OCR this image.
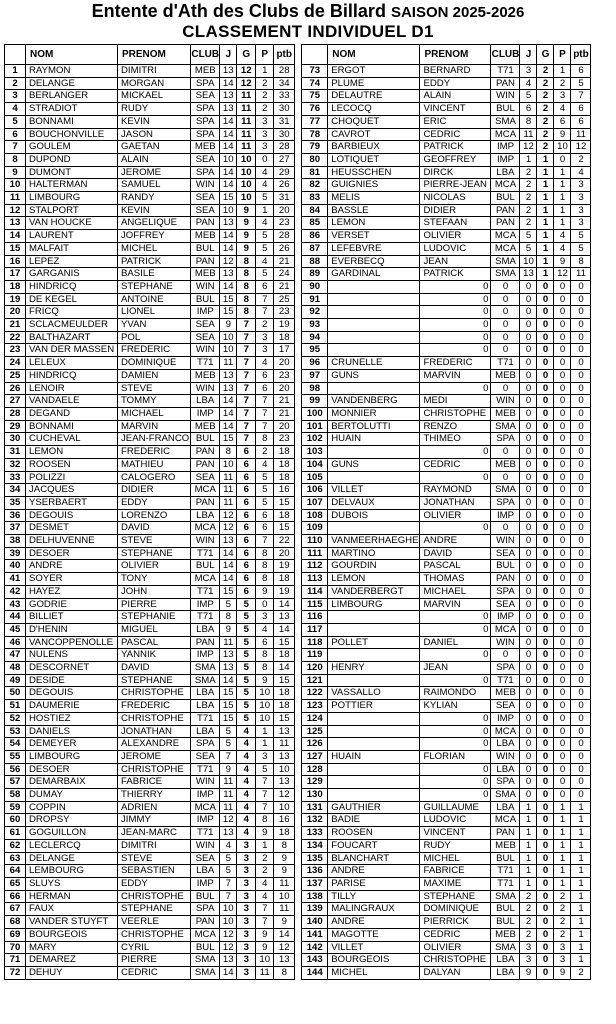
Entente d'Ath des Clubs de Billard SAISON 2025-2026
CLASSEMENT INDIVIDUEL D1
	NOM	PRENOM	CLUB	J	G	P	ptb
1	RAYMON	DIMITRI	MEB	13	12	1	28
2	DELANGE	MORGAN	SPA	14	12	2	34
3	BERLANGER	MICKAEL	SEA	13	11	2	33
4	STRADIOT	RUDY	SPA	13	11	2	30
5	BONNAMI	KEVIN	SPA	14	11	3	31
6	BOUCHONVILLE	JASON	SPA	14	11	3	30
7	GOULEM	GAETAN	MEB	14	11	3	28
8	DUPOND	ALAIN	SEA	10	10	0	27
9	DUMONT	JEROME	SPA	14	10	4	29
10	HALTERMAN	SAMUEL	WIN	14	10	4	26
11	LIMBOURG	RANDY	SEA	15	10	5	31
12	STALPORT	KEVIN	SEA	10	9	1	20
13	VAN HOUCKE	ANGELIQUE	PAN	13	9	4	23
14	LAURENT	JOFFREY	MEB	14	9	5	28
15	MALFAIT	MICHEL	BUL	14	9	5	26
16	LEPEZ	PATRICK	PAN	12	8	4	21
17	GARGANIS	BASILE	MEB	13	8	5	24
18	HINDRICQ	STEPHANE	WIN	14	8	6	21
19	DE KEGEL	ANTOINE	BUL	15	8	7	25
20	FRICQ	LIONEL	IMP	15	8	7	23
21	SCLACMEULDER	YVAN	SEA	9	7	2	19
22	BALTHAZART	POL	SEA	10	7	3	18
23	VAN DER MASSEN	FREDERIC	WIN	10	7	3	17
24	LELEUX	DOMINIQUE	T71	11	7	4	20
25	HINDRICQ	DAMIEN	MEB	13	7	6	23
26	LENOIR	STEVE	WIN	13	7	6	20
27	VANDAELE	TOMMY	LBA	14	7	7	21
28	DEGAND	MICHAEL	IMP	14	7	7	21
29	BONNAMI	MARVIN	MEB	14	7	7	20
30	CUCHEVAL	JEAN-FRANCO	BUL	15	7	8	23
31	LEMON	FREDERIC	PAN	8	6	2	18
32	ROOSEN	MATHIEU	PAN	10	6	4	18
33	POLIZZI	CALOGERO	SEA	11	6	5	18
34	JACQUES	DIDIER	MCA	11	6	5	16
35	YSERBAERT	EDDY	PAN	11	6	5	15
36	DEGOUIS	LORENZO	LBA	12	6	6	18
37	DESMET	DAVID	MCA	12	6	6	15
38	DELHUVENNE	STEVE	WIN	13	6	7	22
39	DESOER	STEPHANE	T71	14	6	8	20
40	ANDRE	OLIVIER	BUL	14	6	8	19
41	SOYER	TONY	MCA	14	6	8	18
42	HAYEZ	JOHN	T71	15	6	9	19
43	GODRIE	PIERRE	IMP	5	5	0	14
44	BILLIET	STEPHANIE	T71	8	5	3	13
45	D'HENIN	MIGUEL	LBA	9	5	4	14
46	VANCOPPENOLLE	PASCAL	PAN	11	5	6	15
47	NULENS	YANNIK	IMP	13	5	8	18
48	DESCORNET	DAVID	SMA	13	5	8	14
49	DESIDE	STEPHANE	SMA	14	5	9	15
50	DEGOUIS	CHRISTOPHE	LBA	15	5	10	18
51	DAUMERIE	FREDERIC	LBA	15	5	10	18
52	HOSTIEZ	CHRISTOPHE	T71	15	5	10	15
53	DANIELS	JONATHAN	LBA	5	4	1	13
54	DEMEYER	ALEXANDRE	SPA	5	4	1	11
55	LIMBOURG	JEROME	SEA	7	4	3	13
56	DESOER	CHRISTOPHE	T71	9	4	5	10
57	DEMARBAIX	FABRICE	WIN	11	4	7	13
58	DUMAY	THIERRY	IMP	11	4	7	12
59	COPPIN	ADRIEN	MCA	11	4	7	10
60	DROPSY	JIMMY	IMP	12	4	8	16
61	GOGUILLON	JEAN-MARC	T71	13	4	9	18
62	LECLERCQ	DIMITRI	WIN	4	3	1	8
63	DELANGE	STEVE	SEA	5	3	2	9
64	LEMBOURG	SEBASTIEN	LBA	5	3	2	9
65	SLUYS	EDDY	IMP	7	3	4	11
66	HERMAN	CHRISTOPHE	BUL	7	3	4	10
67	FAUX	STEPHANE	SPA	10	3	7	11
68	VANDER STUYFT	VEERLE	PAN	10	3	7	9
69	BOURGEOIS	CHRISTOPHE	MCA	12	3	9	14
70	MARY	CYRIL	BUL	12	3	9	12
71	DEMAREZ	PIERRE	SMA	13	3	10	13
72	DEHUY	CEDRIC	SMA	14	3	11	8
	NOM	PRENOM	CLUB	J	G	P	ptb
73	ERGOT	BERNARD	T71	3	2	1	6
74	PLUME	EDDY	PAN	4	2	2	5
75	DELAUTRE	ALAIN	WIN	5	2	3	7
76	LECOCQ	VINCENT	BUL	6	2	4	6
77	CHOQUET	ERIC	SMA	8	2	6	6
78	CAVROT	CEDRIC	MCA	11	2	9	11
79	BARBIEUX	PATRICK	IMP	12	2	10	12
80	LOTIQUET	GEOFFREY	IMP	1	1	0	2
81	HEUSSCHEN	DIRCK	LBA	2	1	1	4
82	GUIGNIES	PIERRE-JEAN	MCA	2	1	1	3
83	MELIS	NICOLAS	BUL	2	1	1	3
84	BASSLE	DIDIER	PAN	2	1	1	3
85	LEMON	STEFAAN	PAN	2	1	1	3
86	VERSET	OLIVIER	MCA	5	1	4	5
87	LEFEBVRE	LUDOVIC	MCA	5	1	4	5
88	EVERBECQ	JEAN	SMA	10	1	9	8
89	GARDINAL	PATRICK	SMA	13	1	12	11
90		0	0	0	0	0	0
91		0	0	0	0	0	0
92		0	0	0	0	0	0
93		0	0	0	0	0	0
94		0	0	0	0	0	0
95		0	0	0	0	0	0
96	CRUNELLE	FREDERIC	T71	0	0	0	0
97	GUNS	MARVIN	MEB	0	0	0	0
98		0	0	0	0	0	0
99	VANDENBERG	MEDI	WIN	0	0	0	0
100	MONNIER	CHRISTOPHE	MEB	0	0	0	0
101	BERTOLUTTI	RENZO	SMA	0	0	0	0
102	HUAIN	THIMEO	SPA	0	0	0	0
103		0	0	0	0	0	0
104	GUNS	CEDRIC	MEB	0	0	0	0
105		0	0	0	0	0	0
106	VILLET	RAYMOND	SMA	0	0	0	0
107	DELVAUX	JONATHAN	SPA	0	0	0	0
108	DUBOIS	OLIVIER	IMP	0	0	0	0
109		0	0	0	0	0	0
110	VANMEERHAEGHE	ANDRE	WIN	0	0	0	0
111	MARTINO	DAVID	SEA	0	0	0	0
112	GOURDIN	PASCAL	BUL	0	0	0	0
113	LEMON	THOMAS	PAN	0	0	0	0
114	VANDERBERGT	MICHAEL	SPA	0	0	0	0
115	LIMBOURG	MARVIN	SEA	0	0	0	0
116		0	IMP	0	0	0	0
117		0	MCA	0	0	0	0
118	POLLET	DANIEL	WIN	0	0	0	0
119		0	0	0	0	0	0
120	HENRY	JEAN	SPA	0	0	0	0
121		0	T71	0	0	0	0
122	VASSALLO	RAIMONDO	MEB	0	0	0	0
123	POTTIER	KYLIAN	SEA	0	0	0	0
124		0	IMP	0	0	0	0
125		0	MCA	0	0	0	0
126		0	LBA	0	0	0	0
127	HUAIN	FLORIAN	WIN	0	0	0	0
128		0	LBA	0	0	0	0
129		0	SPA	0	0	0	0
130		0	SMA	0	0	0	0
131	GAUTHIER	GUILLAUME	LBA	1	0	1	1
132	BADIE	LUDOVIC	MCA	1	0	1	1
133	ROOSEN	VINCENT	PAN	1	0	1	1
134	FOUCART	RUDY	MEB	1	0	1	1
135	BLANCHART	MICHEL	BUL	1	0	1	1
136	ANDRE	FABRICE	T71	1	0	1	1
137	PARISE	MAXIME	T71	1	0	1	1
138	TILLY	STEPHANE	SMA	2	0	2	1
139	MALINGRAUX	DOMINIQUE	BUL	2	0	2	1
140	ANDRE	PIERRICK	BUL	2	0	2	1
141	MAGOTTE	CEDRIC	MEB	2	0	2	1
142	VILLET	OLIVIER	SMA	3	0	3	1
143	BOURGEOIS	CHRISTOPHE	LBA	3	0	3	1
144	MICHEL	DALYAN	LBA	9	0	9	2
